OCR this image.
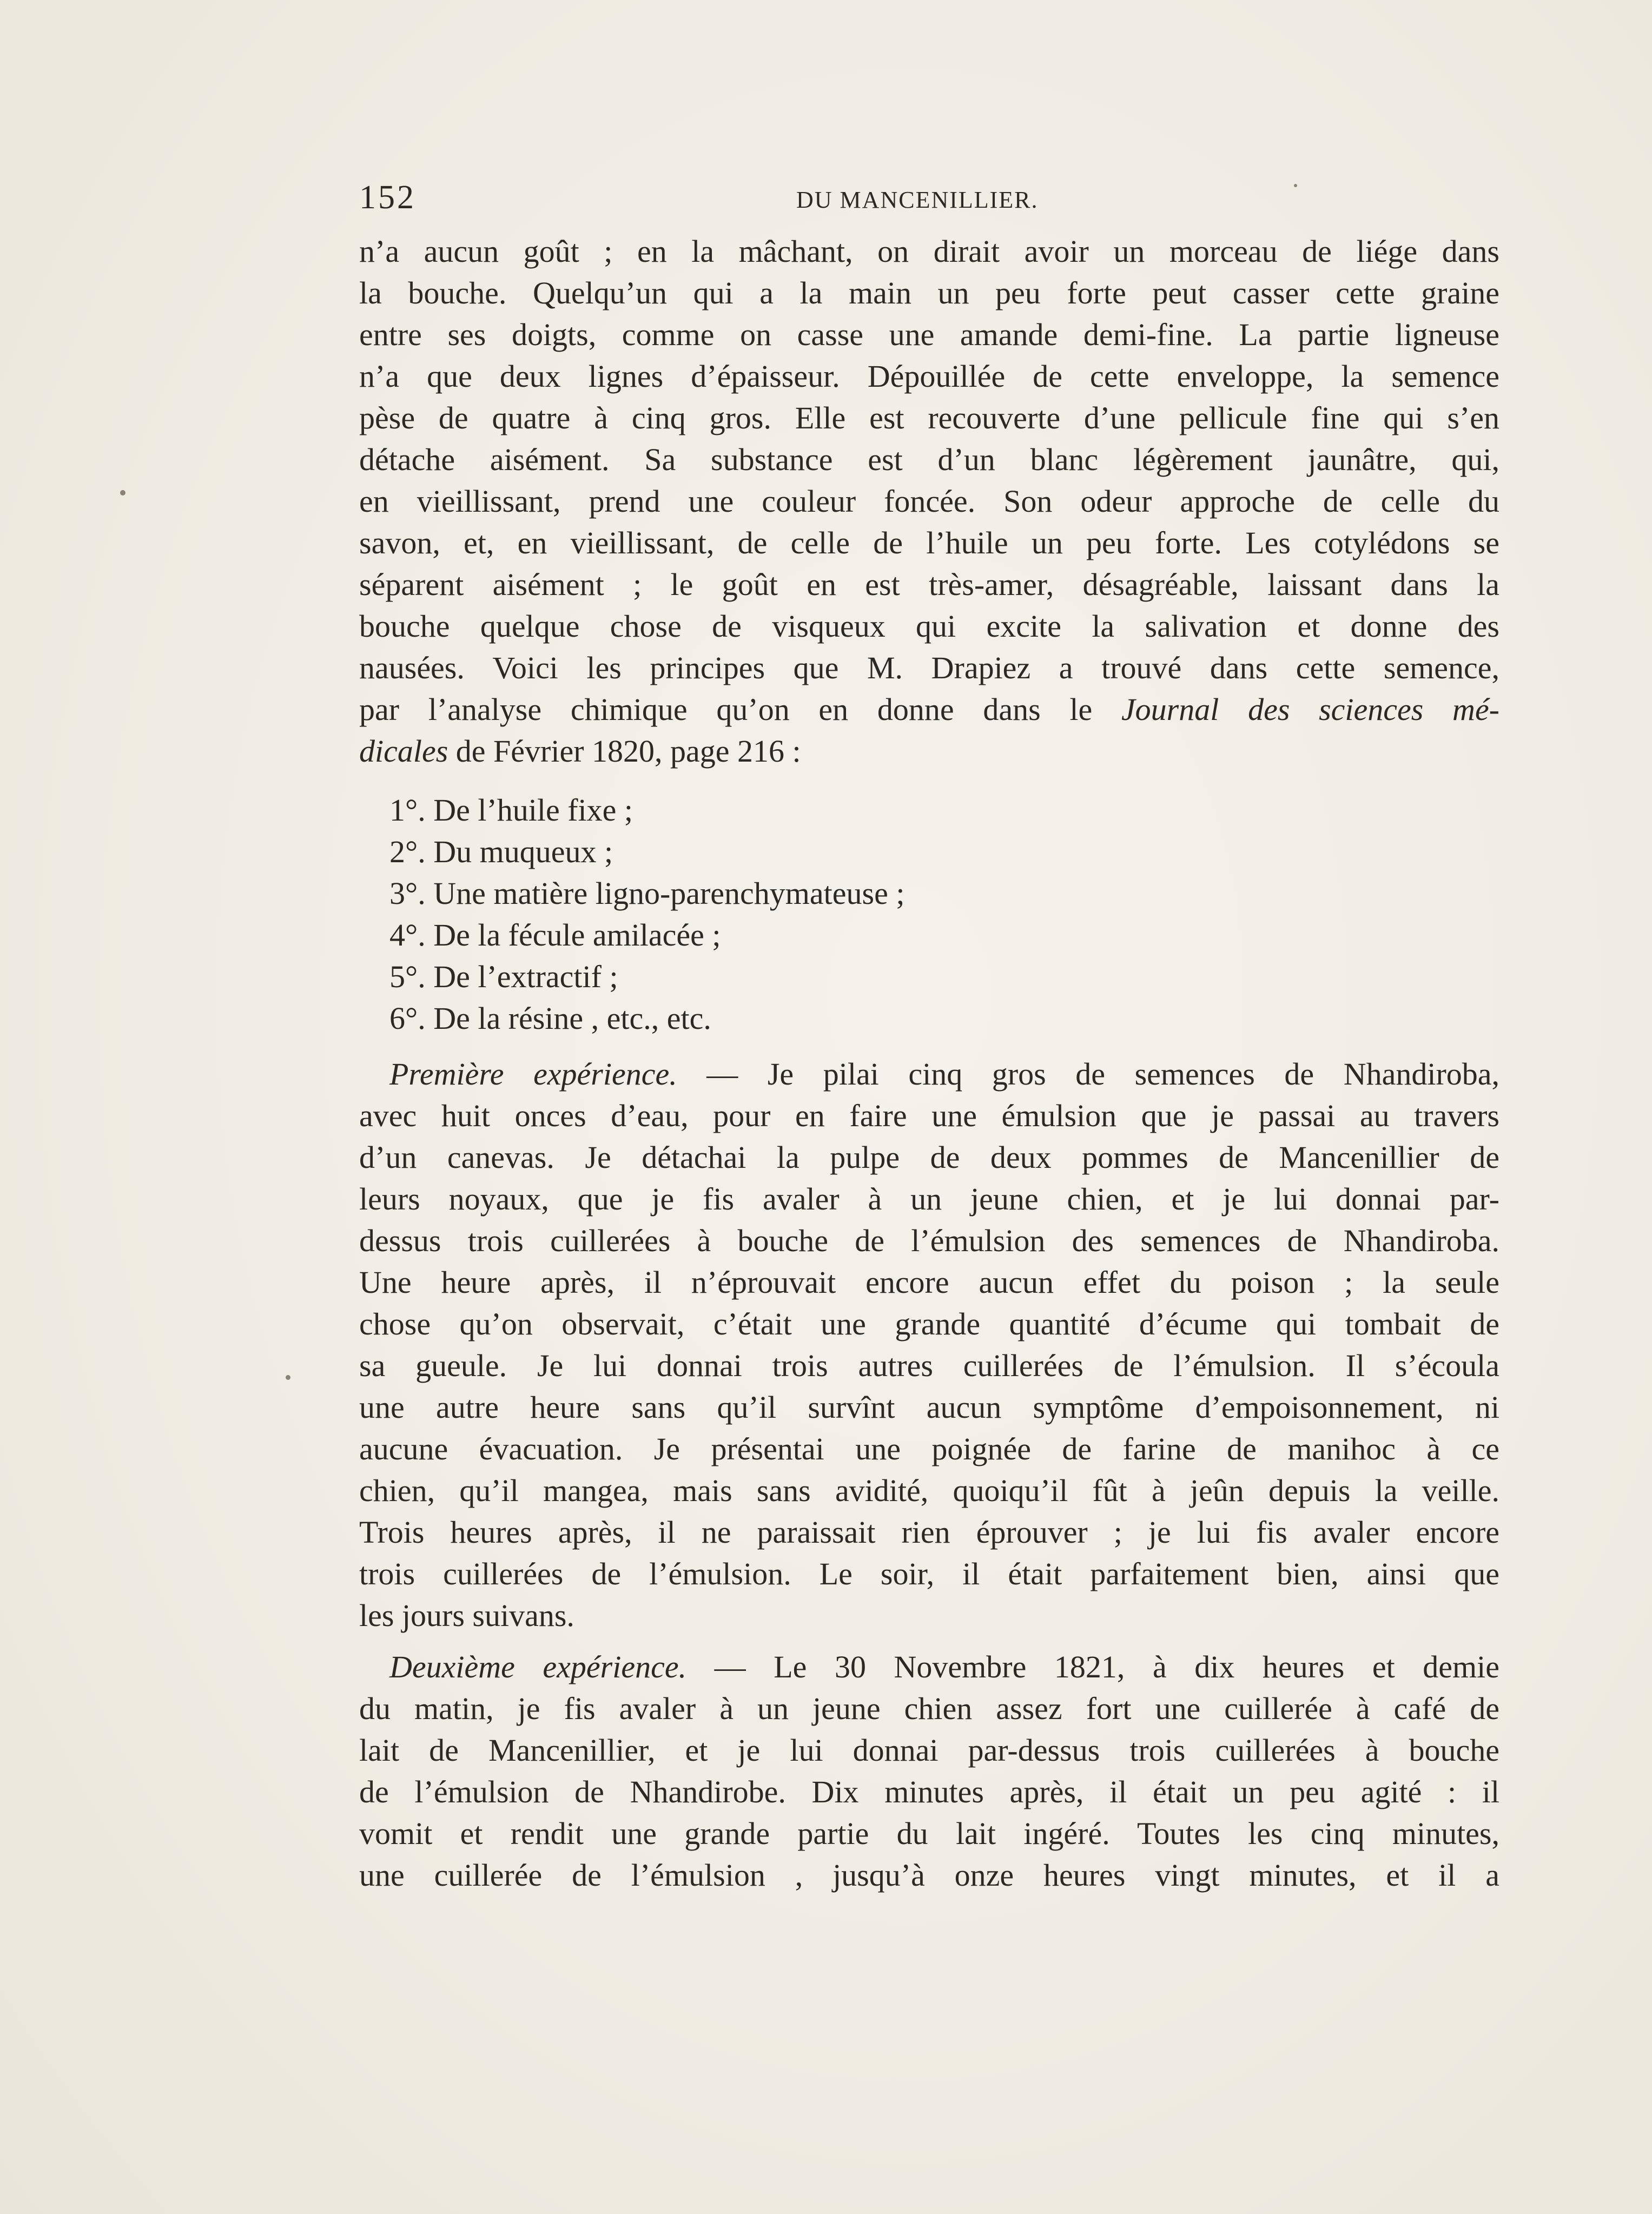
152	DU MANCENILLIER.
n’a aucun goût ; en la mâchant, on dirait avoir un morceau de liége dans
la bouche. Quelqu’un qui a la main un peu forte peut casser cette graine
entre ses doigts, comme on casse une amande demi-fine. La partie ligneuse
n’a que deux lignes d’épaisseur. Dépouillée de cette enveloppe, la semence
pèse de quatre à cinq gros. Elle est recouverte d’une pellicule fine qui s’en
détache aisément. Sa substance est d’un blanc légèrement jaunâtre, qui,
en vieillissant, prend une couleur foncée. Son odeur approche de celle du
savon, et, en vieillissant, de celle de l’huile un peu forte. Les cotylédons se
séparent aisément ; le goût en est très-amer, désagréable, laissant dans la
bouche quelque chose de visqueux qui excite la salivation et donne des
nausées. Voici les principes que M. Drapiez a trouvé dans cette semence,
par l’analyse chimique qu’on en donne dans le Journal des sciences mé-
dicales de Février 1820, page 216 :
1°. De l’huile fixe ;
2°. Du muqueux ;
3°. Une matière ligno-parenchymateuse ;
4°. De la fécule amilacée ;
5°. De l’extractif ;
6°. De la résine , etc., etc.
Première expérience. — Je pilai cinq gros de semences de Nhandiroba,
avec huit onces d’eau, pour en faire une émulsion que je passai au travers
d’un canevas. Je détachai la pulpe de deux pommes de Mancenillier de
leurs noyaux, que je fis avaler à un jeune chien, et je lui donnai par-
dessus trois cuillerées à bouche de l’émulsion des semences de Nhandiroba.
Une heure après, il n’éprouvait encore aucun effet du poison ; la seule
chose qu’on observait, c’était une grande quantité d’écume qui tombait de
sa gueule. Je lui donnai trois autres cuillerées de l’émulsion. Il s’écoula
une autre heure sans qu’il survînt aucun symptôme d’empoisonnement, ni
aucune évacuation. Je présentai une poignée de farine de manihoc à ce
chien, qu’il mangea, mais sans avidité, quoiqu’il fût à jeûn depuis la veille.
Trois heures après, il ne paraissait rien éprouver ; je lui fis avaler encore
trois cuillerées de l’émulsion. Le soir, il était parfaitement bien, ainsi que
les jours suivans.
Deuxième expérience. — Le 30 Novembre 1821, à dix heures et demie
du matin, je fis avaler à un jeune chien assez fort une cuillerée à café de
lait de Mancenillier, et je lui donnai par-dessus trois cuillerées à bouche
de l’émulsion de Nhandirobe. Dix minutes après, il était un peu agité : il
vomit et rendit une grande partie du lait ingéré. Toutes les cinq minutes,
une cuillerée de l’émulsion , jusqu’à onze heures vingt minutes, et il a
